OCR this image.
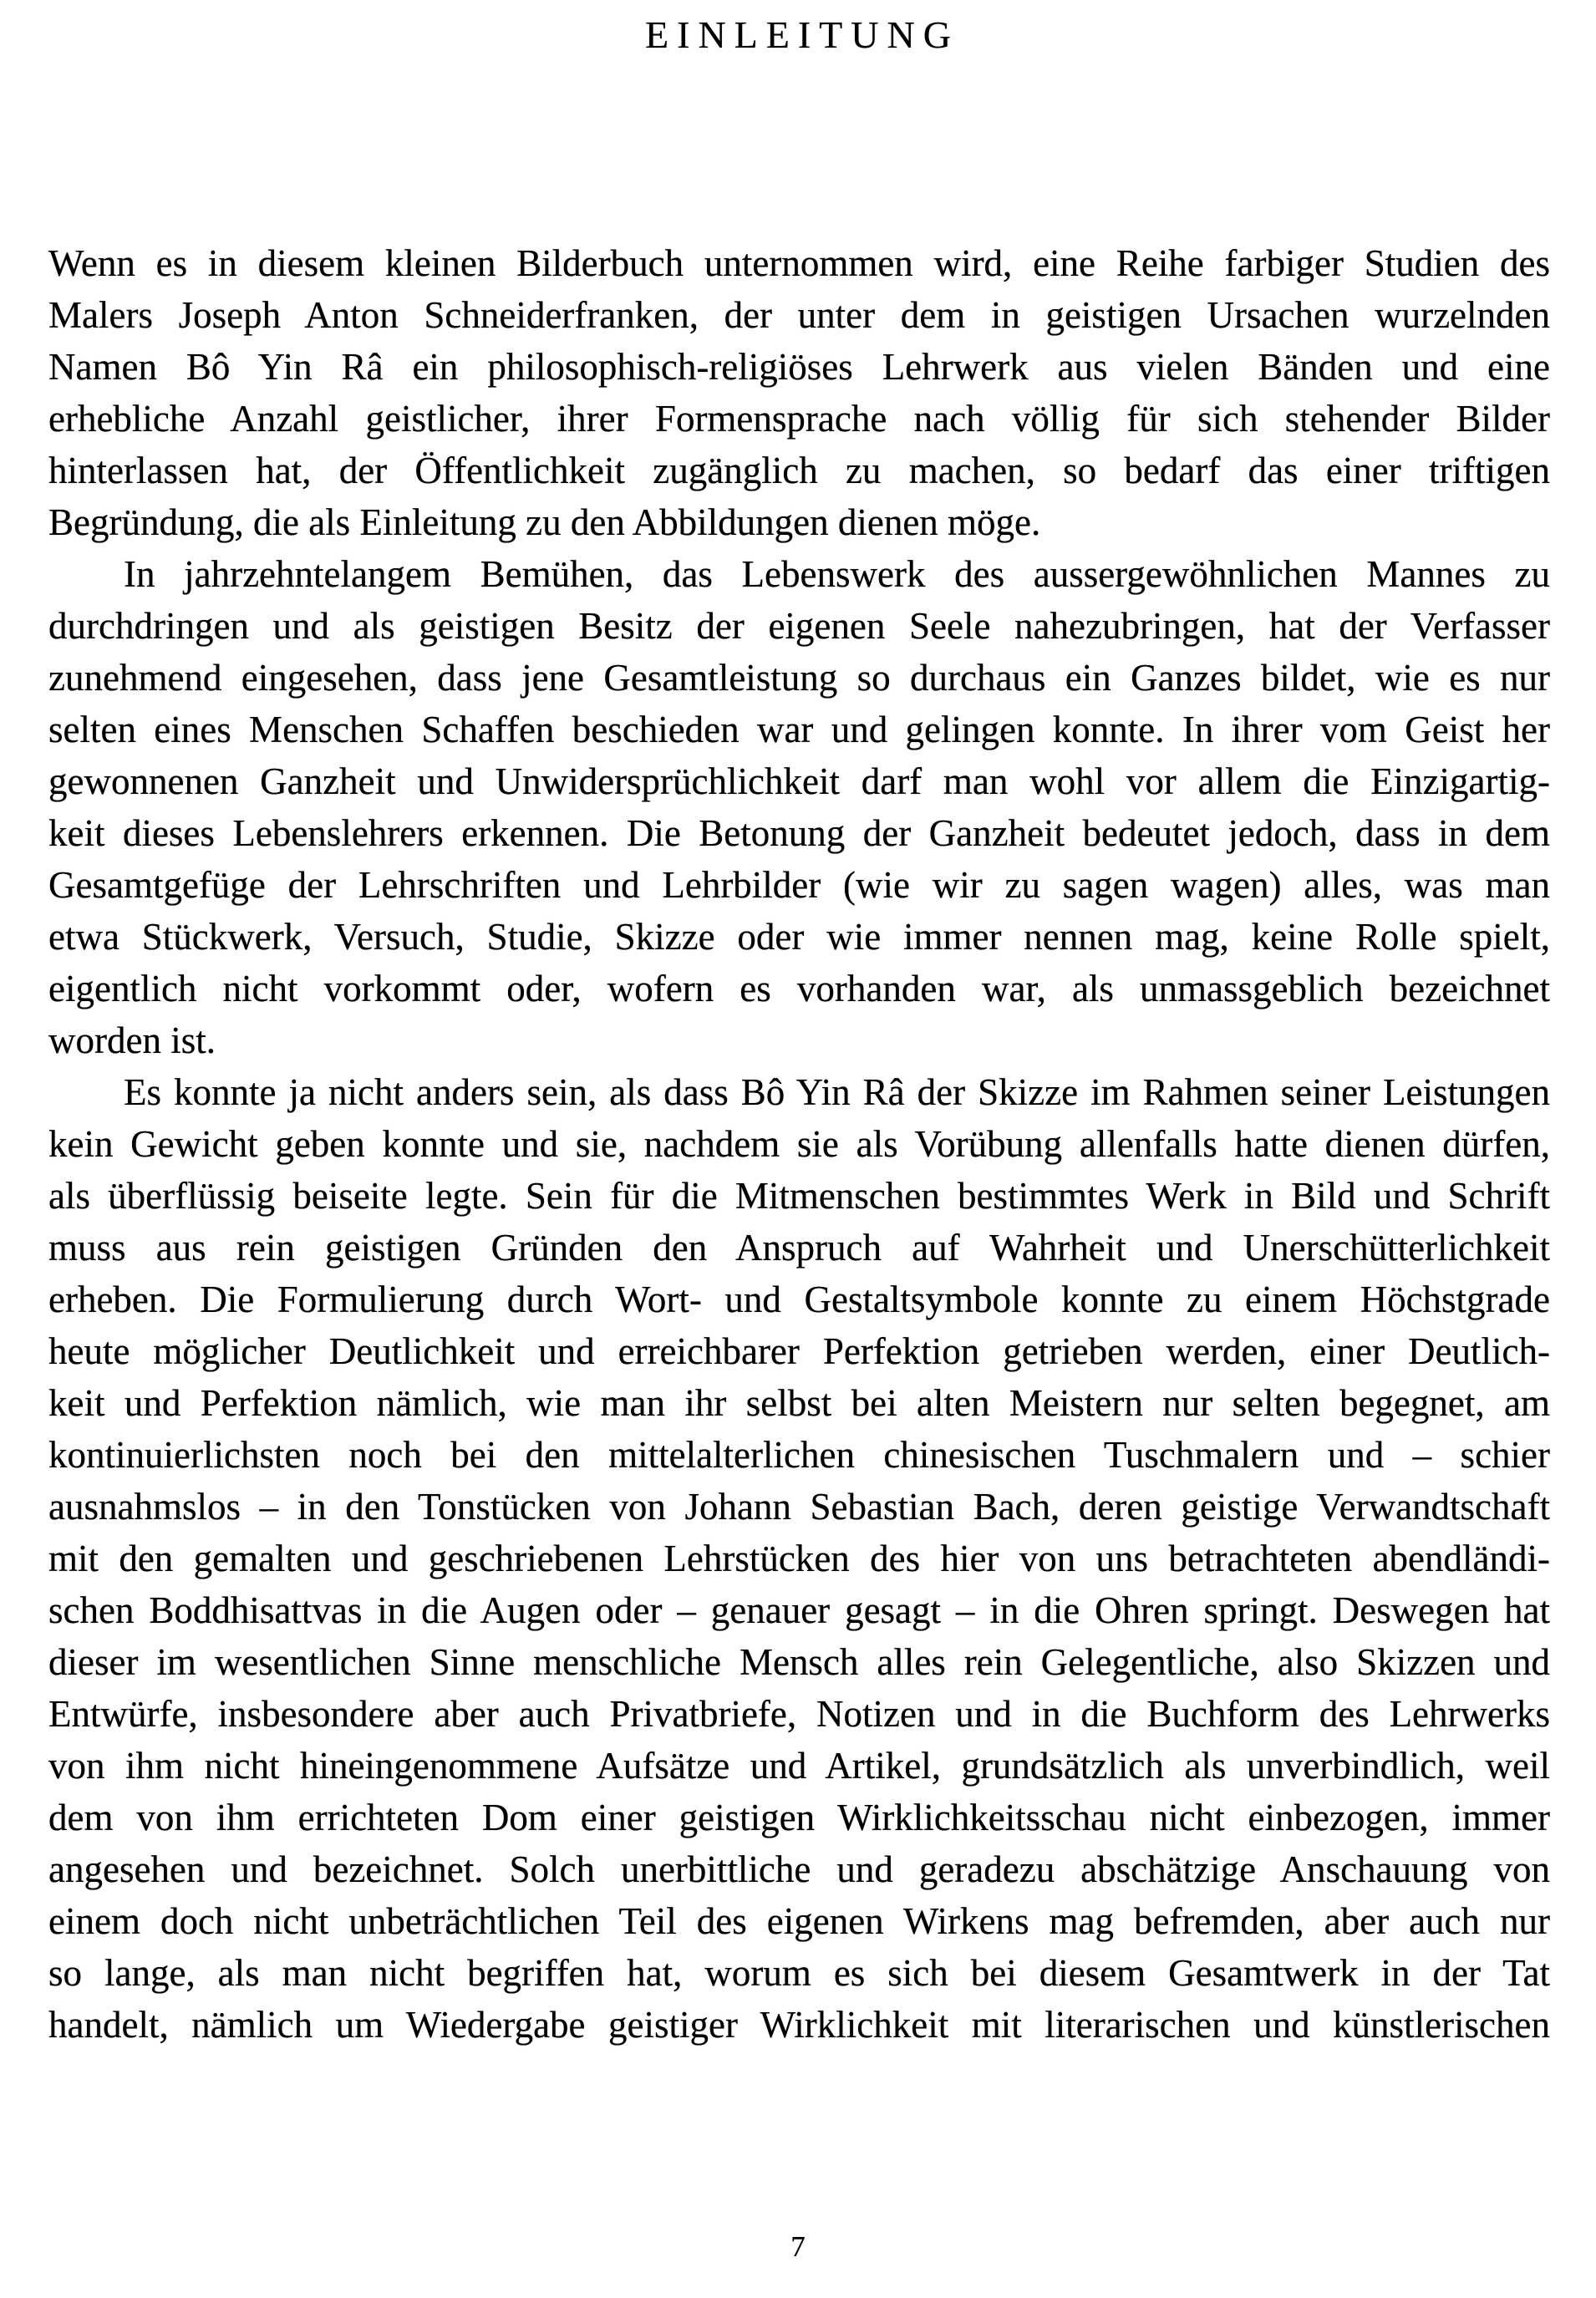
EINLEITUNG
Wenn es in diesem kleinen Bilderbuch unternommen wird, eine Reihe farbiger Studien des
Malers Joseph Anton Schneiderfranken, der unter dem in geistigen Ursachen wurzelnden
Namen Bô Yin Râ ein philosophisch-religiöses Lehrwerk aus vielen Bänden und eine
erhebliche Anzahl geistlicher, ihrer Formensprache nach völlig für sich stehender Bilder
hinterlassen hat, der Öffentlichkeit zugänglich zu machen, so bedarf das einer triftigen
Begründung, die als Einleitung zu den Abbildungen dienen möge.
In jahrzehntelangem Bemühen, das Lebenswerk des aussergewöhnlichen Mannes zu
durchdringen und als geistigen Besitz der eigenen Seele nahezubringen, hat der Verfasser
zunehmend eingesehen, dass jene Gesamtleistung so durchaus ein Ganzes bildet, wie es nur
selten eines Menschen Schaffen beschieden war und gelingen konnte. In ihrer vom Geist her
gewonnenen Ganzheit und Unwidersprüchlichkeit darf man wohl vor allem die Einzigartig-
keit dieses Lebenslehrers erkennen. Die Betonung der Ganzheit bedeutet jedoch, dass in dem
Gesamtgefüge der Lehrschriften und Lehrbilder (wie wir zu sagen wagen) alles, was man
etwa Stückwerk, Versuch, Studie, Skizze oder wie immer nennen mag, keine Rolle spielt,
eigentlich nicht vorkommt oder, wofern es vorhanden war, als unmassgeblich bezeichnet
worden ist.
Es konnte ja nicht anders sein, als dass Bô Yin Râ der Skizze im Rahmen seiner Leistungen
kein Gewicht geben konnte und sie, nachdem sie als Vorübung allenfalls hatte dienen dürfen,
als überflüssig beiseite legte. Sein für die Mitmenschen bestimmtes Werk in Bild und Schrift
muss aus rein geistigen Gründen den Anspruch auf Wahrheit und Unerschütterlichkeit
erheben. Die Formulierung durch Wort- und Gestaltsymbole konnte zu einem Höchstgrade
heute möglicher Deutlichkeit und erreichbarer Perfektion getrieben werden, einer Deutlich-
keit und Perfektion nämlich, wie man ihr selbst bei alten Meistern nur selten begegnet, am
kontinuierlichsten noch bei den mittelalterlichen chinesischen Tuschmalern und – schier
ausnahmslos – in den Tonstücken von Johann Sebastian Bach, deren geistige Verwandtschaft
mit den gemalten und geschriebenen Lehrstücken des hier von uns betrachteten abendländi-
schen Boddhisattvas in die Augen oder – genauer gesagt – in die Ohren springt. Deswegen hat
dieser im wesentlichen Sinne menschliche Mensch alles rein Gelegentliche, also Skizzen und
Entwürfe, insbesondere aber auch Privatbriefe, Notizen und in die Buchform des Lehrwerks
von ihm nicht hineingenommene Aufsätze und Artikel, grundsätzlich als unverbindlich, weil
dem von ihm errichteten Dom einer geistigen Wirklichkeitsschau nicht einbezogen, immer
angesehen und bezeichnet. Solch unerbittliche und geradezu abschätzige Anschauung von
einem doch nicht unbeträchtlichen Teil des eigenen Wirkens mag befremden, aber auch nur
so lange, als man nicht begriffen hat, worum es sich bei diesem Gesamtwerk in der Tat
handelt, nämlich um Wiedergabe geistiger Wirklichkeit mit literarischen und künstlerischen
7
